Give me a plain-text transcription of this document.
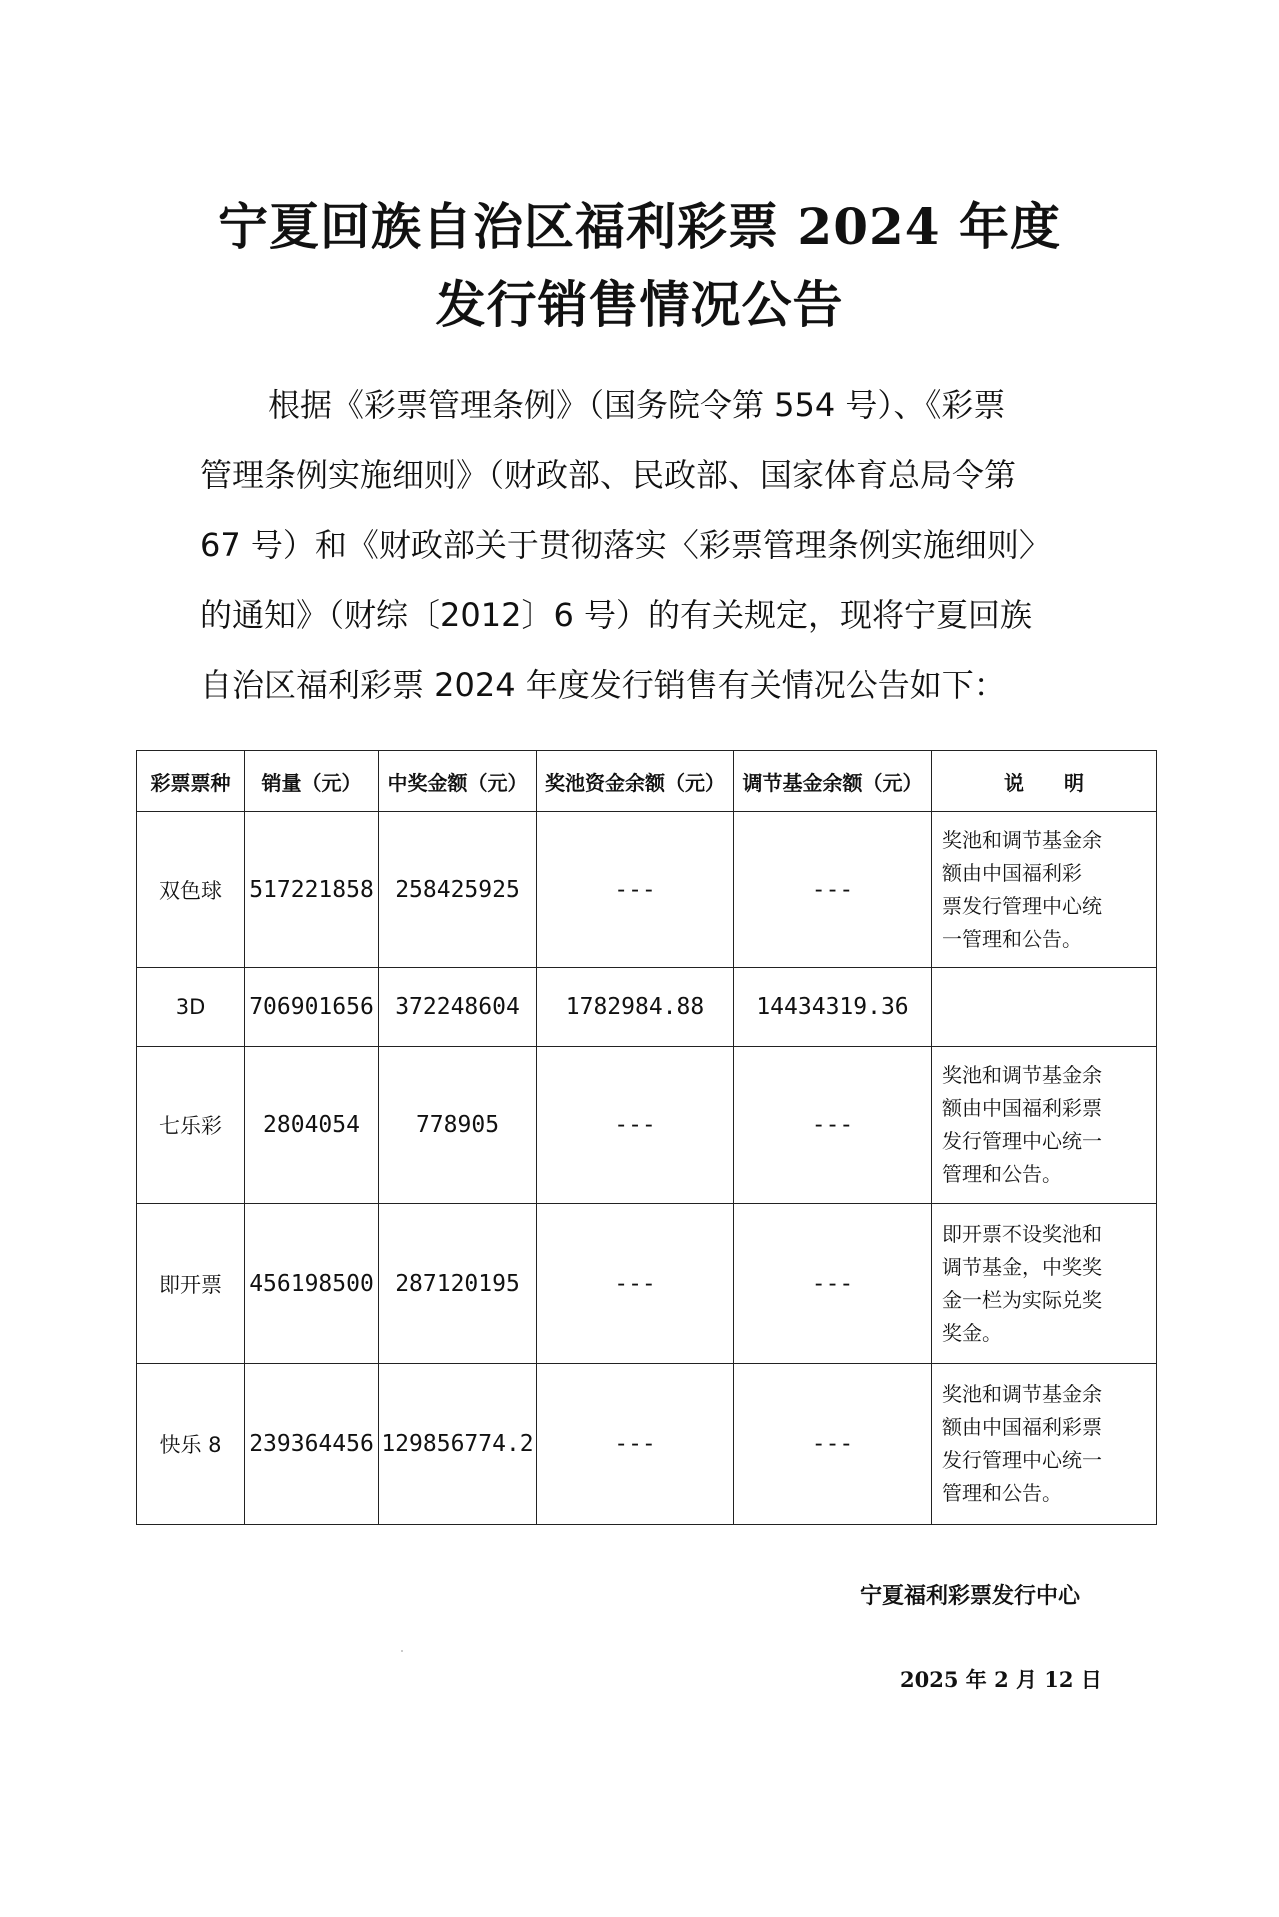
宁夏回族自治区福利彩票 2024 年度
发行销售情况公告
根据《彩票管理条例》（国务院令第 554 号）、《彩票
管理条例实施细则》（财政部、民政部、国家体育总局令第
67 号）和《财政部关于贯彻落实〈彩票管理条例实施细则〉
的通知》（财综〔2012〕6 号）的有关规定，现将宁夏回族
自治区福利彩票 2024 年度发行销售有关情况公告如下：
彩票票种	销量（元）	中奖金额（元）	奖池资金余额（元）	调节基金余额（元）	说　　明
双色球	517221858	258425925	---	---	奖池和调节基金余
额由中国福利彩
票发行管理中心统
一管理和公告。

3D	706901656	372248604	1782984.88	14434319.36	
七乐彩	2804054	778905	---	---	奖池和调节基金余
额由中国福利彩票
发行管理中心统一
管理和公告。

即开票	456198500	287120195	---	---	即开票不设奖池和
调节基金，中奖奖
金一栏为实际兑奖
奖金。

快乐 8	239364456	129856774.2	---	---	奖池和调节基金余
额由中国福利彩票
发行管理中心统一
管理和公告。
宁夏福利彩票发行中心
2025 年 2 月 12 日
